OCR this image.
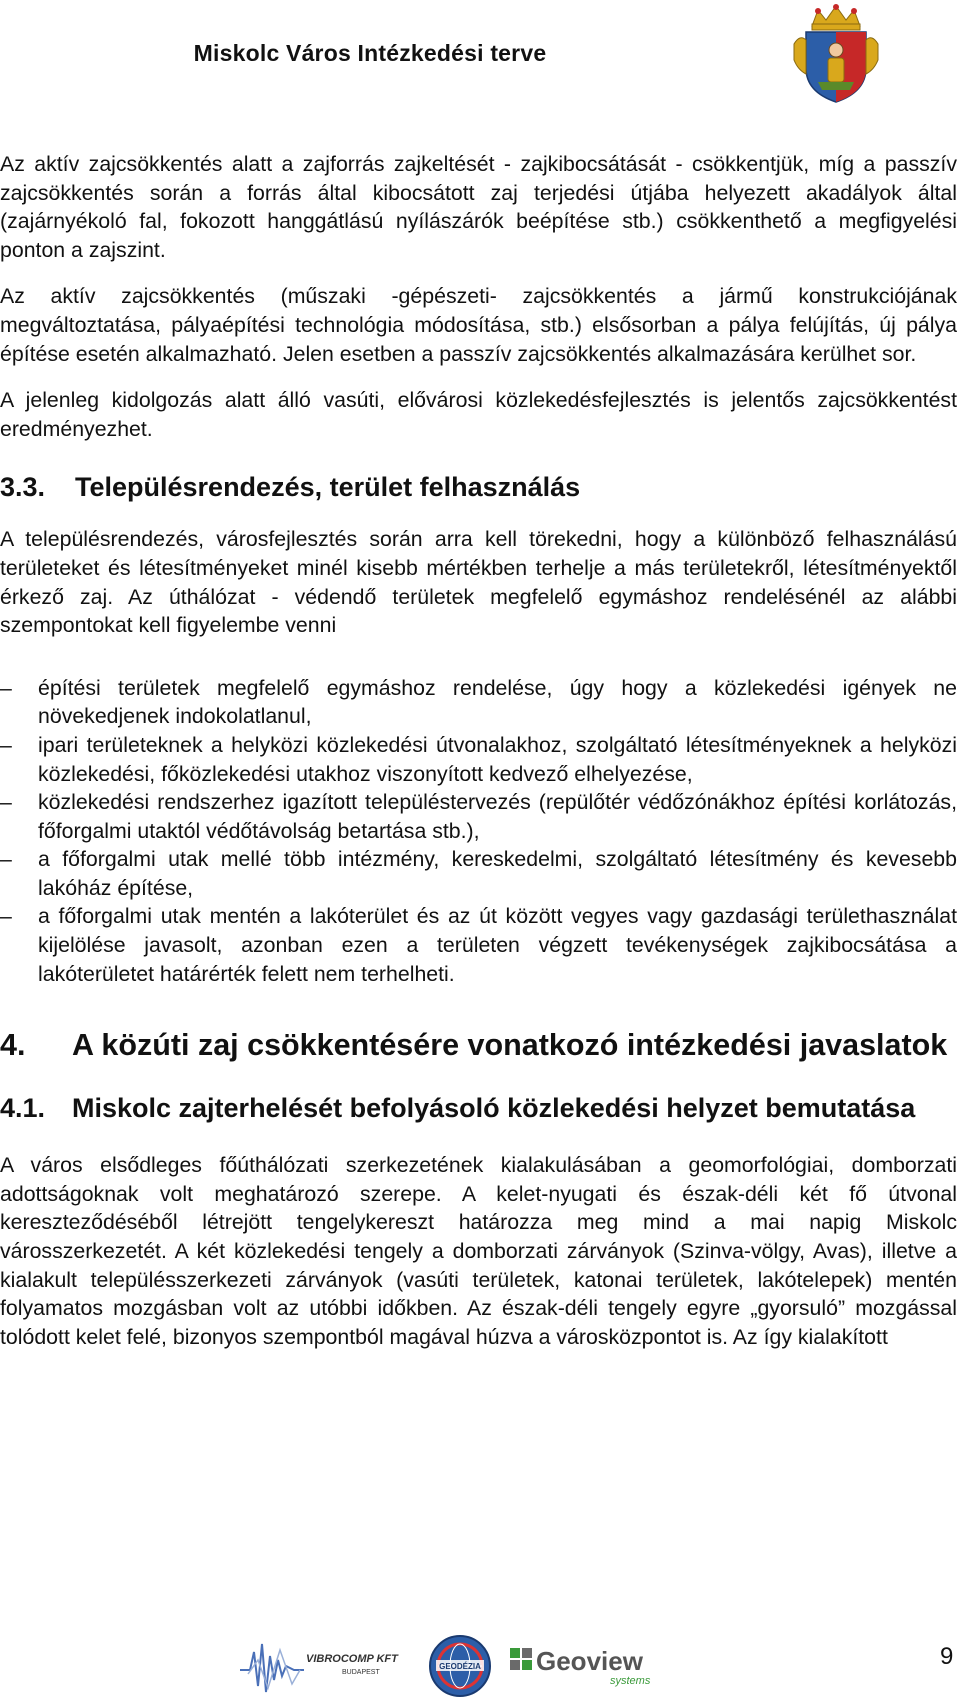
Miskolc Város Intézkedési terve

Az aktív zajcsökkentés alatt a zajforrás zajkeltését - zajkibocsátását - csökkentjük, míg a passzív zajcsökkentés során a forrás által kibocsátott zaj terjedési útjába helyezett akadályok által (zajárnyékoló fal, fokozott hanggátlású nyílászárók beépítése stb.) csökkenthető a megfigyelési ponton a zajszint.

Az aktív zajcsökkentés (műszaki -gépészeti- zajcsökkentés a jármű konstrukciójának megváltoztatása, pályaépítési technológia módosítása, stb.) elsősorban a pálya felújítás, új pálya építése esetén alkalmazható. Jelen esetben a passzív zajcsökkentés alkalmazására kerülhet sor.

A jelenleg kidolgozás alatt álló vasúti, elővárosi közlekedésfejlesztés is jelentős zajcsökkentést eredményezhet.

3.3.	Településrendezés, terület felhasználás

A településrendezés, városfejlesztés során arra kell törekedni, hogy a különböző felhasználású területeket és létesítményeket minél kisebb mértékben terhelje a más területekről, létesítményektől érkező zaj. Az úthálózat - védendő területek megfelelő egymáshoz rendelésénél az alábbi szempontokat kell figyelembe venni

–	építési területek megfelelő egymáshoz rendelése, úgy hogy a közlekedési igények ne növekedjenek indokolatlanul,
–	ipari területeknek a helyközi közlekedési útvonalakhoz, szolgáltató létesítményeknek a helyközi közlekedési, főközlekedési utakhoz viszonyított kedvező elhelyezése,
–	közlekedési rendszerhez igazított településtervezés (repülőtér védőzónákhoz építési korlátozás, főforgalmi utaktól védőtávolság betartása stb.),
–	a főforgalmi utak mellé több intézmény, kereskedelmi, szolgáltató létesítmény és kevesebb lakóház építése,
–	a főforgalmi utak mentén a lakóterület és az út között vegyes vagy gazdasági területhasználat kijelölése javasolt, azonban ezen a területen végzett tevékenységek zajkibocsátása a lakóterületet határérték felett nem terhelheti.
4. A közúti zaj csökkentésére vonatkozó intézkedési javaslatok
4.1. Miskolc zajterhelését befolyásoló közlekedési helyzet bemutatása

A város elsődleges főúthálózati szerkezetének kialakulásában a geomorfológiai, domborzati adottságoknak volt meghatározó szerepe. A kelet-nyugati és észak-déli két fő útvonal kereszteződéséből létrejött tengelykereszt határozza meg mind a mai napig Miskolc városszerkezetét. A két közlekedési tengely a domborzati zárványok (Szinva-völgy, Avas), illetve a kialakult településszerkezeti zárványok (vasúti területek, katonai területek, lakótelepek) mentén folyamatos mozgásban volt az utóbbi időkben. Az észak-déli tengely egyre „gyorsuló” mozgással tolódott kelet felé, bizonyos szempontból magával húzva a városközpontot is. Az így kialakított

VIBROCOMP KFT
BUDAPEST
GEODÉZIA Geoview
systems
9
